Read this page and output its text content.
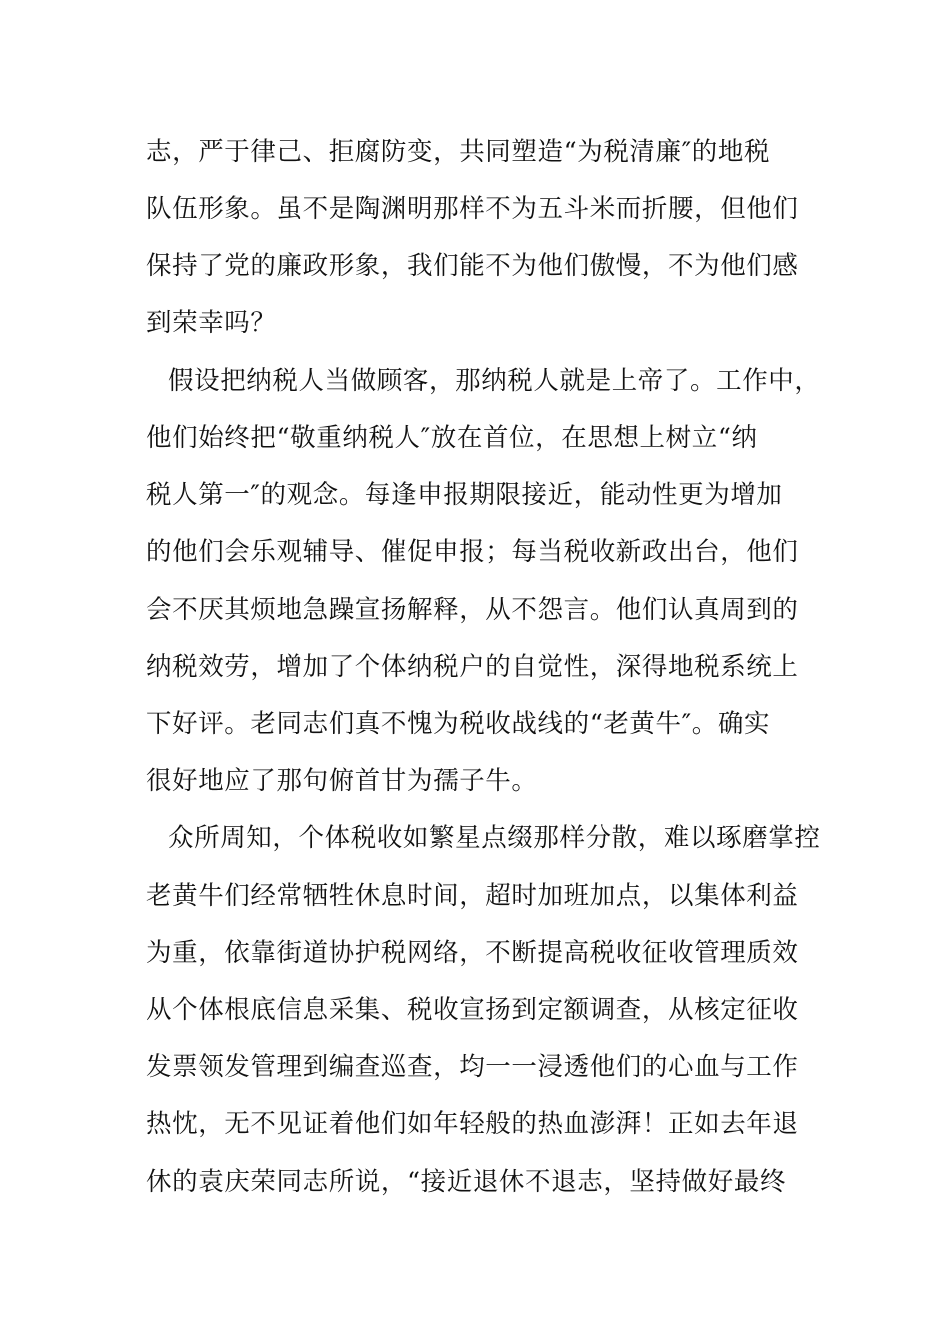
志，严于律己、拒腐防变，共同塑造“为税清廉″的地税
队伍形象。虽不是陶渊明那样不为五斗米而折腰，但他们
保持了党的廉政形象，我们能不为他们傲慢，不为他们感
到荣幸吗？
假设把纳税人当做顾客，那纳税人就是上帝了。工作中，
他们始终把“敬重纳税人″放在首位，在思想上树立“纳
税人第一″的观念。每逢申报期限接近，能动性更为增加
的他们会乐观辅导、催促申报；每当税收新政出台，他们
会不厌其烦地急躁宣扬解释，从不怨言。他们认真周到的
纳税效劳，增加了个体纳税户的自觉性，深得地税系统上
下好评。老同志们真不愧为税收战线的“老黄牛″。确实
很好地应了那句俯首甘为孺子牛。
众所周知，个体税收如繁星点缀那样分散，难以琢磨掌控
老黄牛们经常牺牲休息时间，超时加班加点，以集体利益
为重，依靠街道协护税网络，不断提高税收征收管理质效
从个体根底信息采集、税收宣扬到定额调查，从核定征收
发票领发管理到编查巡查，均一一浸透他们的心血与工作
热忱，无不见证着他们如年轻般的热血澎湃！正如去年退
休的袁庆荣同志所说，“接近退休不退志，坚持做好最终
